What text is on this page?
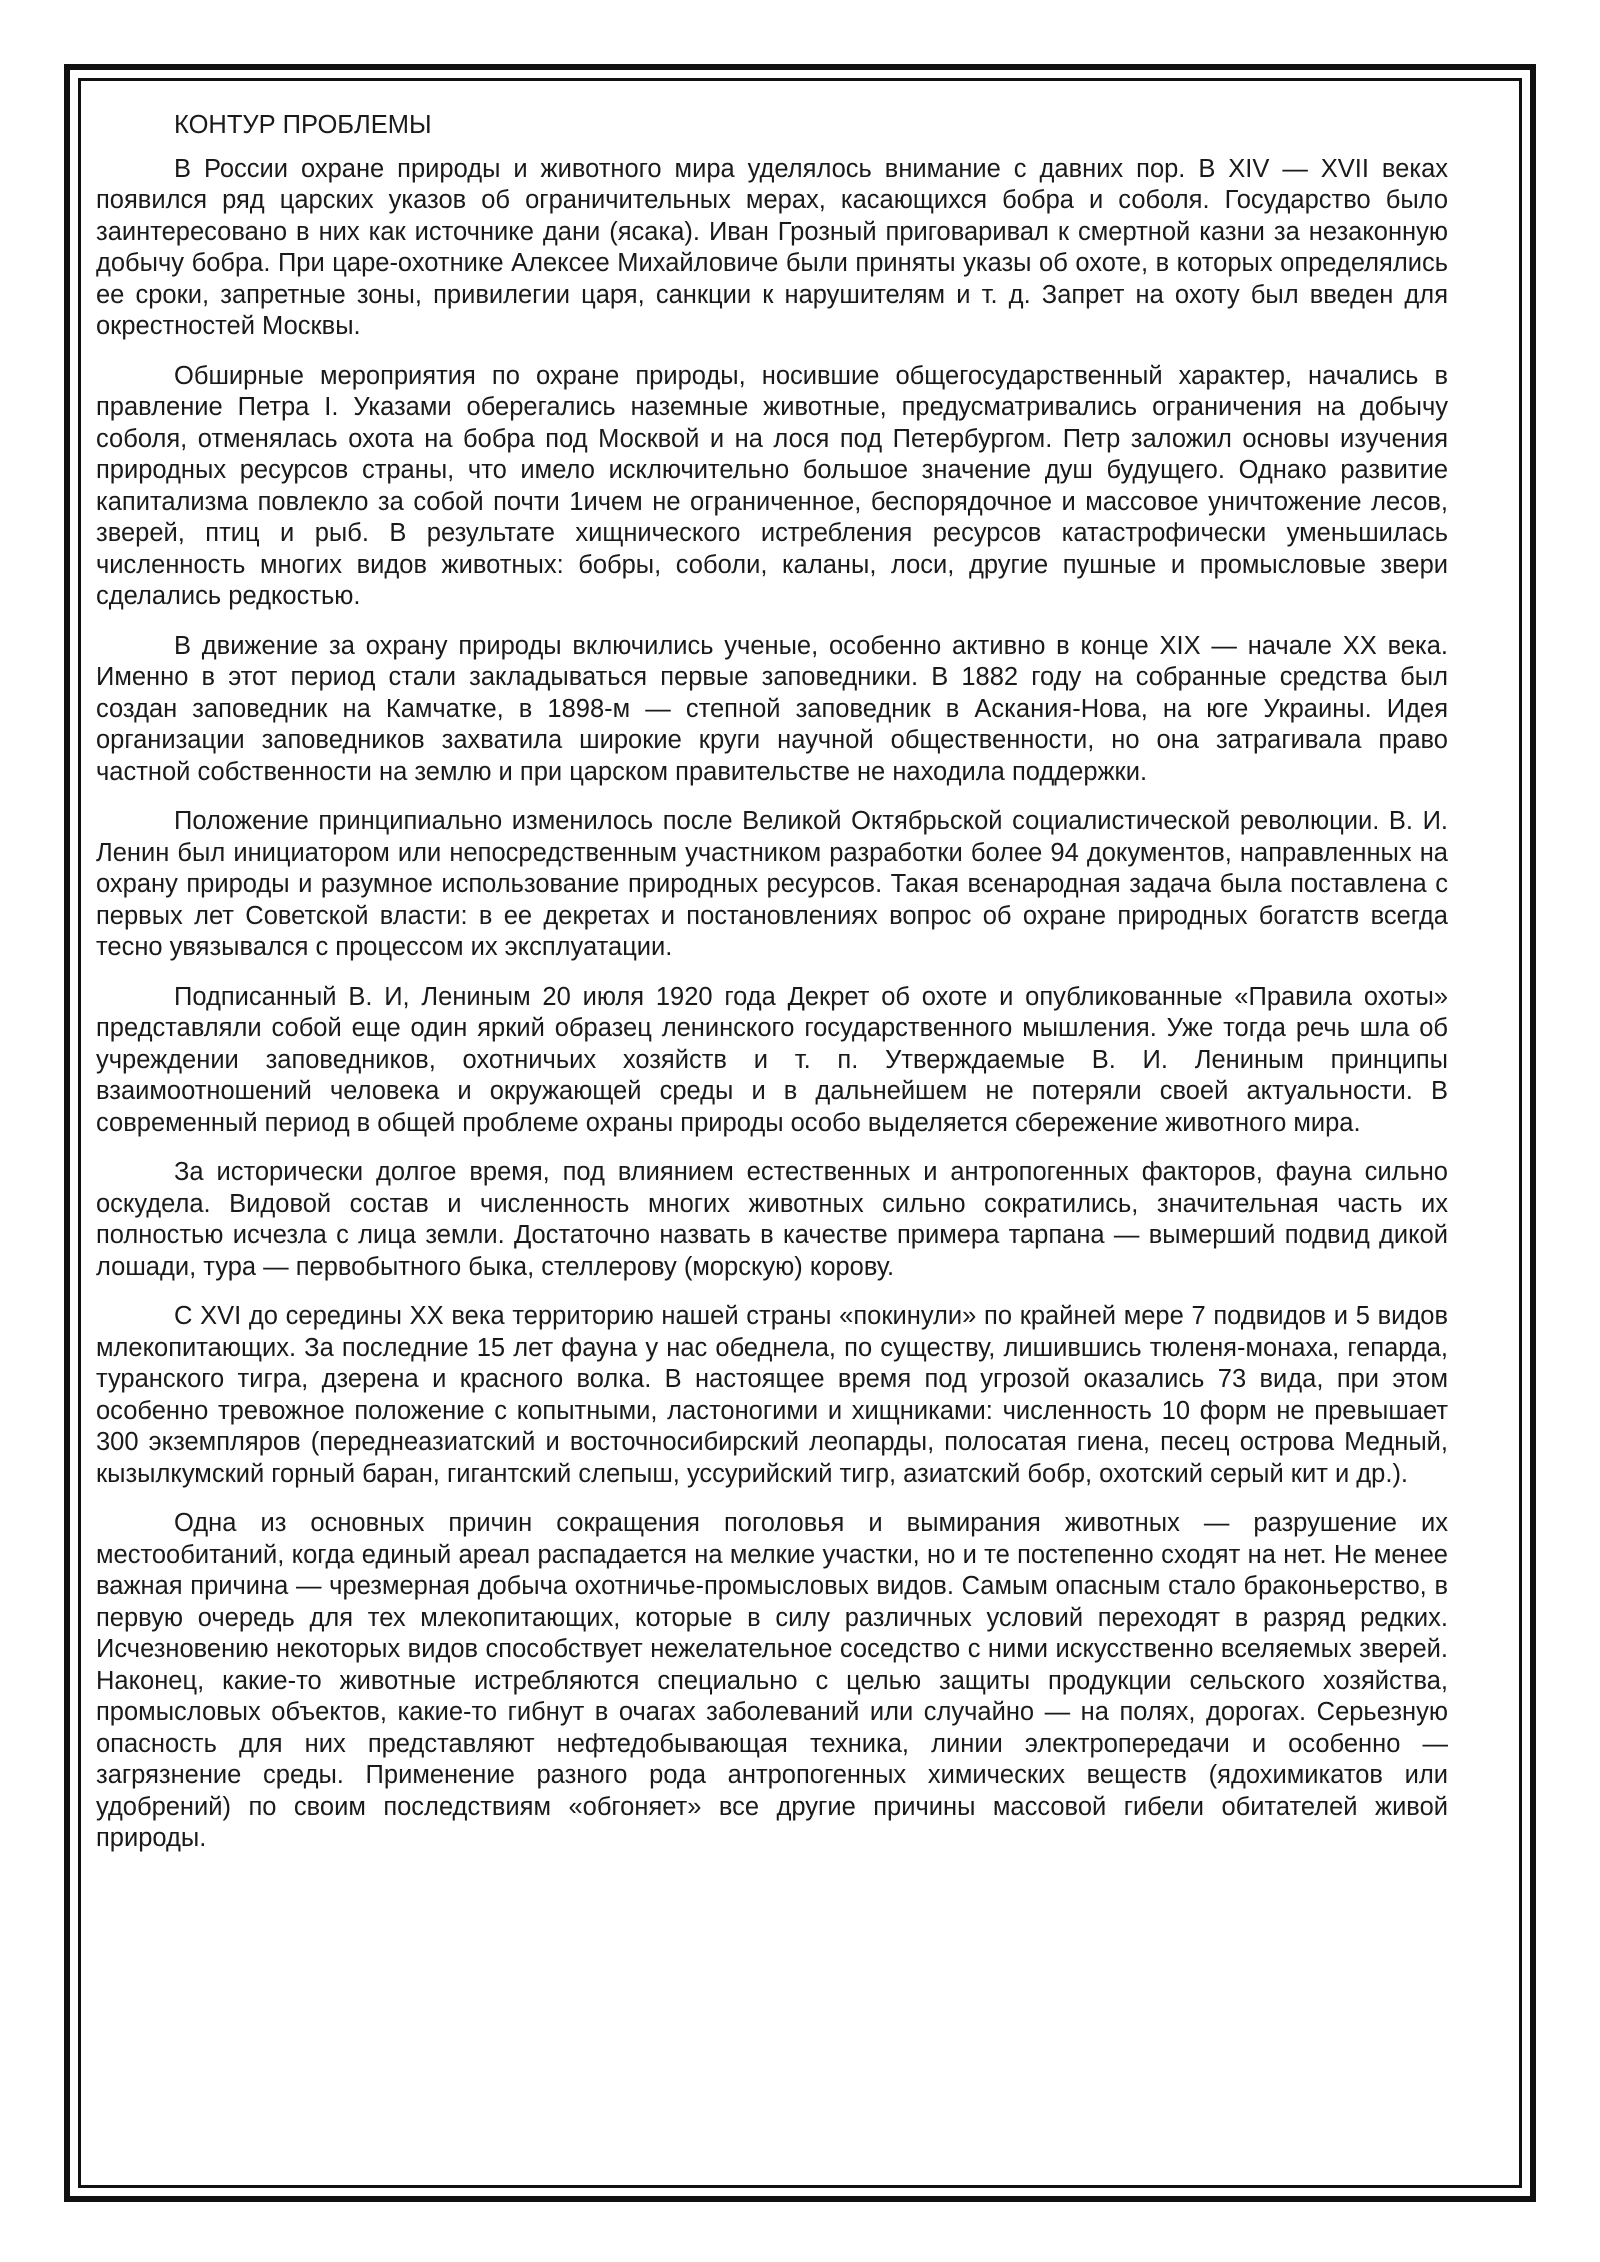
КОНТУР ПРОБЛЕМЫ

В России охране природы и животного мира уделялось внимание с давних пор. В XIV — XVII веках появился ряд царских указов об ограничительных мерах, касающихся бобра и соболя. Государство было заинтересовано в них как источнике дани (ясака). Иван Грозный приговаривал к смертной казни за незаконную добычу бобра. При царе-охотнике Алексее Михайловиче были приняты указы об охоте, в которых определялись ее сроки, запретные зоны, привилегии царя, санкции к нарушителям и т. д. Запрет на охоту был введен для окрестностей Москвы.

Обширные мероприятия по охране природы, носившие общегосударственный характер, начались в правление Петра I. Указами оберегались наземные животные, предусматривались ограничения на добычу соболя, отменялась охота на бобра под Москвой и на лося под Петербургом. Петр заложил основы изучения природных ресурсов страны, что имело исключительно большое значение душ будущего. Однако развитие капитализма повлекло за собой почти 1ичем не ограниченное, беспорядочное и массовое уничтожение лесов, зверей, птиц и рыб. В результате хищнического истребления ресурсов катастрофически уменьшилась численность многих видов животных: бобры, соболи, каланы, лоси, другие пушные и промысловые звери сделались редкостью.

В движение за охрану природы включились ученые, особенно активно в конце XIX — начале XX века. Именно в этот период стали закладываться первые заповедники. В 1882 году на собранные средства был создан заповедник на Камчатке, в 1898-м — степной заповедник в Аскания-Нова, на юге Украины. Идея организации заповедников захватила широкие круги научной общественности, но она затрагивала право частной собственности на землю и при царском правительстве не находила поддержки.

Положение принципиально изменилось после Великой Октябрьской социалистической революции. В. И. Ленин был инициатором или непосредственным участником разработки более 94 документов, направленных на охрану природы и разумное использование природных ресурсов. Такая всенародная задача была поставлена с первых лет Советской власти: в ее декретах и постановлениях вопрос об охране природных богатств всегда тесно увязывался с процессом их эксплуатации.

Подписанный В. И, Лениным 20 июля 1920 года Декрет об охоте и опубликованные «Правила охоты» представляли собой еще один яркий образец ленинского государственного мышления. Уже тогда речь шла об учреждении заповедников, охотничьих хозяйств и т. п. Утверждаемые В. И. Лениным принципы взаимоотношений человека и окружающей среды и в дальнейшем не потеряли своей актуальности. В современный период в общей проблеме охраны природы особо выделяется сбережение животного мира.

За исторически долгое время, под влиянием естественных и антропогенных факторов, фауна сильно оскудела. Видовой состав и численность многих животных сильно сократились, значительная часть их полностью исчезла с лица земли. Достаточно назвать в качестве примера тарпана — вымерший подвид дикой лошади, тура — первобытного быка, стеллерову (морскую) корову.

С XVI до середины XX века территорию нашей страны «покинули» по крайней мере 7 подвидов и 5 видов млекопитающих. За последние 15 лет фауна у нас обеднела, по существу, лишившись тюленя-монаха, гепарда, туранского тигра, дзерена и красного волка. В настоящее время под угрозой оказались 73 вида, при этом особенно тревожное положение с копытными, ластоногими и хищниками: численность 10 форм не превышает 300 экземпляров (переднеазиатский и восточносибирский леопарды, полосатая гиена, песец острова Медный, кызылкумский горный баран, гигантский слепыш, уссурийский тигр, азиатский бобр, охотский серый кит и др.).

Одна из основных причин сокращения поголовья и вымирания животных — разрушение их местообитаний, когда единый ареал распадается на мелкие участки, но и те постепенно сходят на нет. Не менее важная причина — чрезмерная добыча охотничье-промысловых видов. Самым опасным стало браконьерство, в первую очередь для тех млекопитающих, которые в силу различных условий переходят в разряд редких. Исчезновению некоторых видов способствует нежелательное соседство с ними искусственно вселяемых зверей. Наконец, какие-то животные истребляются специально с целью защиты продукции сельского хозяйства, промысловых объектов, какие-то гибнут в очагах заболеваний или случайно — на полях, дорогах. Серьезную опасность для них представляют нефтедобывающая техника, линии электропередачи и особенно — загрязнение среды. Применение разного рода антропогенных химических веществ (ядохимикатов или удобрений) по своим последствиям «обгоняет» все другие причины массовой гибели обитателей живой природы.
